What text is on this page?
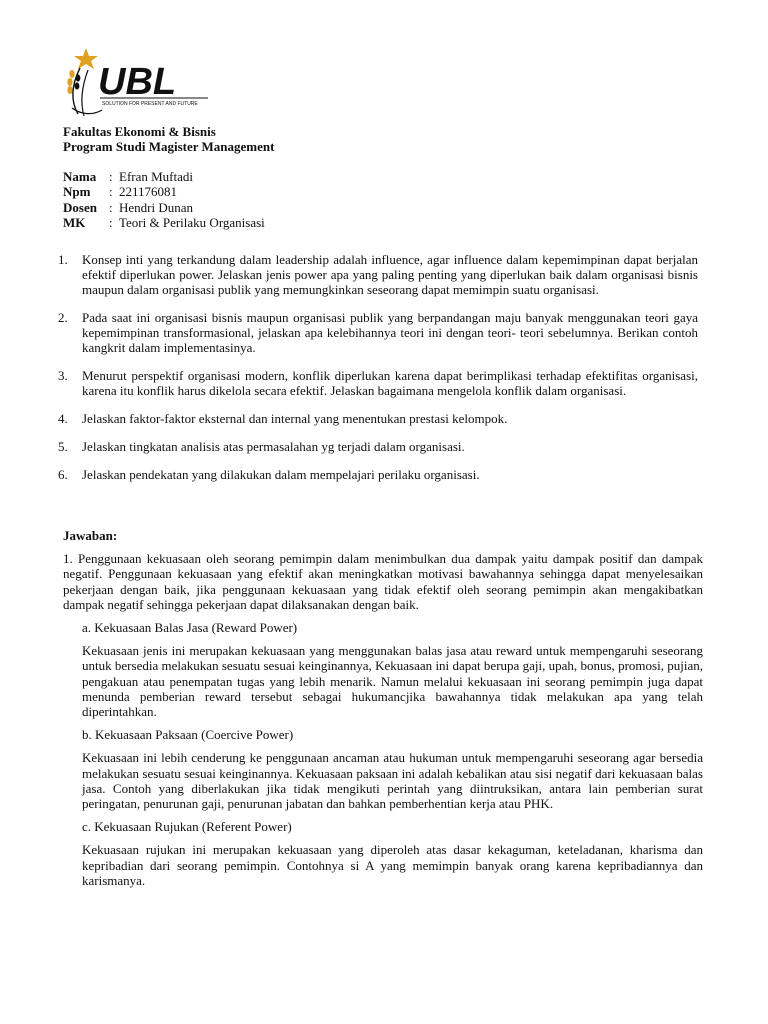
UBL
SOLUTION FOR PRESENT AND FUTURE
Fakultas Ekonomi & Bisnis
Program Studi Magister Management
Nama : Efran Muftadi
Npm	: 221176081
Dosen : Hendri Dunan
MK	: Teori & Perilaku Organisasi
1.	Konsep inti yang terkandung dalam leadership adalah influence, agar influence dalam kepemimpinan dapat berjalan efektif diperlukan power. Jelaskan jenis power apa yang paling penting yang diperlukan baik dalam organisasi bisnis maupun dalam organisasi publik yang memungkinkan seseorang dapat memimpin suatu organisasi.
2.	Pada saat ini organisasi bisnis maupun organisasi publik yang berpandangan maju banyak menggunakan teori gaya kepemimpinan transformasional, jelaskan apa kelebihannya teori ini dengan teori- teori sebelumnya. Berikan contoh kangkrit dalam implementasinya.
3.	Menurut perspektif organisasi modern, konflik diperlukan karena dapat berimplikasi terhadap efektifitas organisasi, karena itu konflik harus dikelola secara efektif. Jelaskan bagaimana mengelola konflik dalam organisasi.
4.	Jelaskan faktor-faktor eksternal dan internal yang menentukan prestasi kelompok.
5.	Jelaskan tingkatan analisis atas permasalahan yg terjadi dalam organisasi.
6.	Jelaskan pendekatan yang dilakukan dalam mempelajari perilaku organisasi.
Jawaban:
1. Penggunaan kekuasaan oleh seorang pemimpin dalam menimbulkan dua dampak yaitu dampak positif dan dampak negatif. Penggunaan kekuasaan yang efektif akan meningkatkan motivasi bawahannya sehingga dapat menyelesaikan pekerjaan dengan baik, jika penggunaan kekuasaan yang tidak efektif oleh seorang pemimpin akan mengakibatkan dampak negatif sehingga pekerjaan dapat dilaksanakan dengan baik.
a. Kekuasaan Balas Jasa (Reward Power)
Kekuasaan jenis ini merupakan kekuasaan yang menggunakan balas jasa atau reward untuk mempengaruhi seseorang untuk bersedia melakukan sesuatu sesuai keinginannya, Kekuasaan ini dapat berupa gaji, upah, bonus, promosi, pujian, pengakuan atau penempatan tugas yang lebih menarik. Namun melalui kekuasaan ini seorang pemimpin juga dapat menunda pemberian reward tersebut sebagai hukumancjika bawahannya tidak melakukan apa yang telah diperintahkan.
b. Kekuasaan Paksaan (Coercive Power)
Kekuasaan ini lebih cenderung ke penggunaan ancaman atau hukuman untuk mempengaruhi seseorang agar bersedia melakukan sesuatu sesuai keinginannya. Kekuasaan paksaan ini adalah kebalikan atau sisi negatif dari kekuasaan balas jasa. Contoh yang diberlakukan jika tidak mengikuti perintah yang diintruksikan, antara lain pemberian surat peringatan, penurunan gaji, penurunan jabatan dan bahkan pemberhentian kerja atau PHK.
c. Kekuasaan Rujukan (Referent Power)
Kekuasaan rujukan ini merupakan kekuasaan yang diperoleh atas dasar kekaguman, keteladanan, kharisma dan kepribadian dari seorang pemimpin. Contohnya si A yang memimpin banyak orang karena kepribadiannya dan karismanya.
